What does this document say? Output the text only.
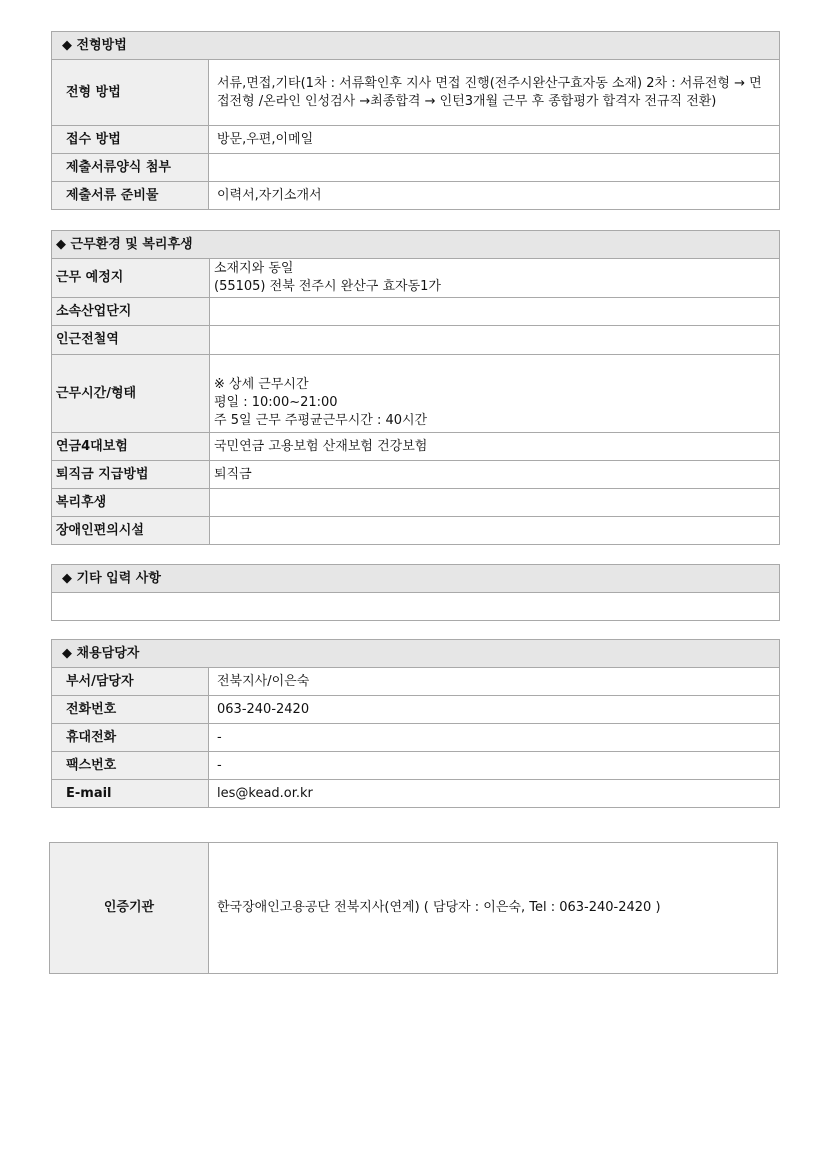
◆ 전형방법	
전형 방법	서류,면접,기타(1차 : 서류확인후 지사 면접 진행(전주시완산구효자동 소재) 2차 : 서류전형 → 면접전형 /온라인 인성검사 →최종합격 → 인턴3개월 근무 후 종합평가 합격자 전규직 전환)
접수 방법	방문,우편,이메일
제출서류양식 첨부	
제출서류 준비물	이력서,자기소개서
◆ 근무환경 및 복리후생	
근무 예정지	소재지와 동일
(55105) 전북 전주시 완산구 효자동1가

소속산업단지	
인근전철역	
근무시간/형태	※ 상세 근무시간
평일 : 10:00~21:00
주 5일 근무 주평균근무시간 : 40시간

연금4대보험	국민연금 고용보험 산재보험 건강보험
퇴직금 지급방법	퇴직금
복리후생	
장애인편의시설	
◆ 기타 입력 사항

◆ 채용담당자	
부서/담당자	전북지사/이은숙
전화번호	063-240-2420
휴대전화	-
팩스번호	-
E-mail	les@kead.or.kr
인증기관	한국장애인고용공단 전북지사(연계) ( 담당자 : 이은숙, Tel : 063-240-2420 )
